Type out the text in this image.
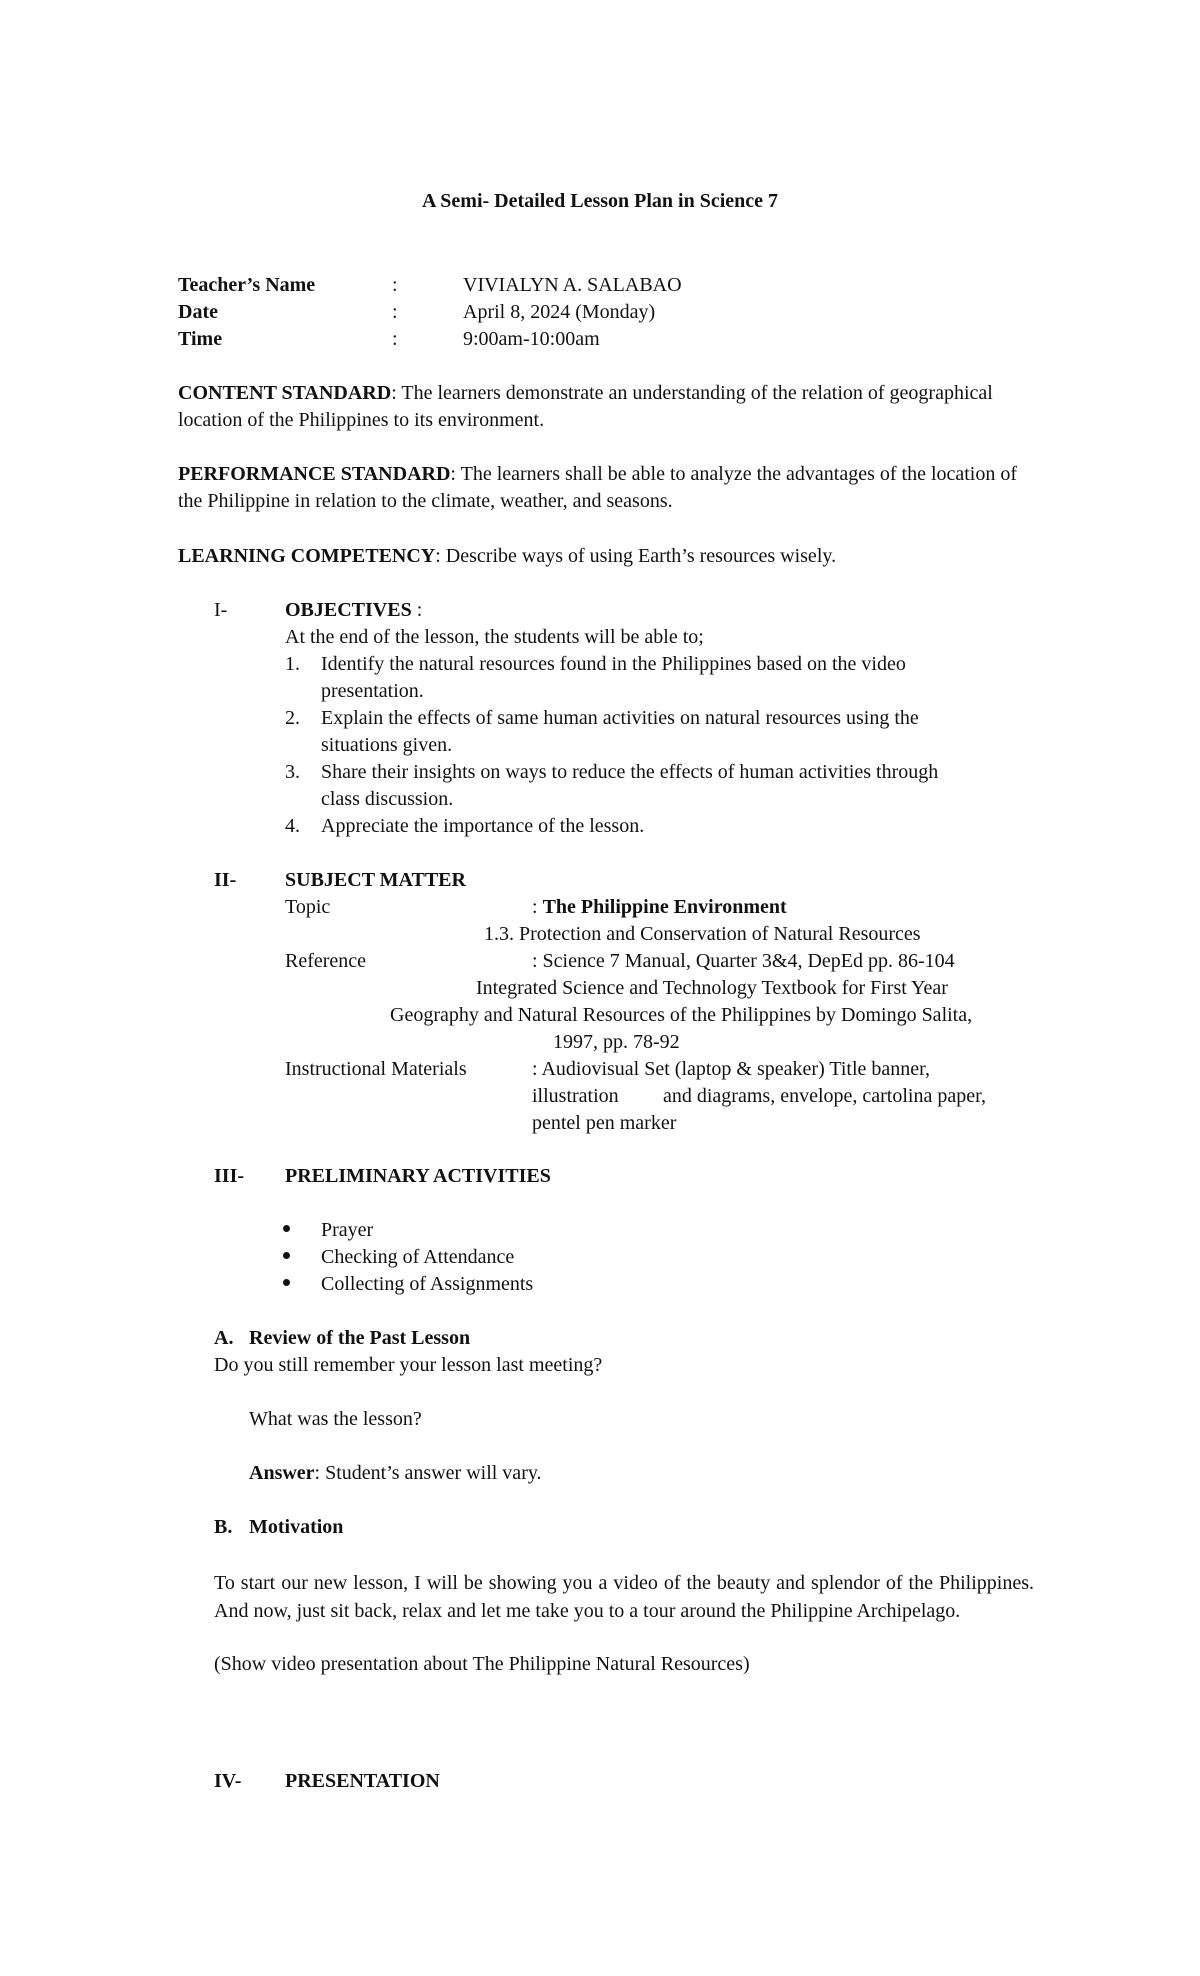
A Semi- Detailed Lesson Plan in Science 7
Teacher’s Name	:	VIVIALYN A. SALABAO
Date	:	April 8, 2024 (Monday)
Time	:	9:00am-10:00am
CONTENT STANDARD: The learners demonstrate an understanding of the relation of geographical location of the Philippines to its environment.
PERFORMANCE STANDARD: The learners shall be able to analyze the advantages of the location of the Philippine in relation to the climate, weather, and seasons.
LEARNING COMPETENCY: Describe ways of using Earth’s resources wisely.
I-	OBJECTIVES :
At the end of the lesson, the students will be able to;
1. Identify the natural resources found in the Philippines based on the video
presentation.
2. Explain the effects of same human activities on natural resources using the
situations given.
3. Share their insights on ways to reduce the effects of human activities through
class discussion.
4. Appreciate the importance of the lesson.
II- SUBJECT MATTER
Topic	: The Philippine Environment
1.3. Protection and Conservation of Natural Resources
Reference	: Science 7 Manual, Quarter 3&4, DepEd pp. 86-104
Integrated Science and Technology Textbook for First Year
Geography and Natural Resources of the Philippines by Domingo Salita,
1997, pp. 78-92
Instructional Materials	: Audiovisual Set (laptop & speaker) Title banner,
illustration and diagrams, envelope, cartolina paper,
pentel pen marker
III- PRELIMINARY ACTIVITIES
Prayer
Checking of Attendance
Collecting of Assignments
A. Review of the Past Lesson
Do you still remember your lesson last meeting?
What was the lesson?
Answer: Student’s answer will vary.
B. Motivation
To start our new lesson, I will be showing you a video of the beauty and splendor of the Philippines. And now, just sit back, relax and let me take you to a tour around the Philippine Archipelago.
(Show video presentation about The Philippine Natural Resources)
IV- PRESENTATION
